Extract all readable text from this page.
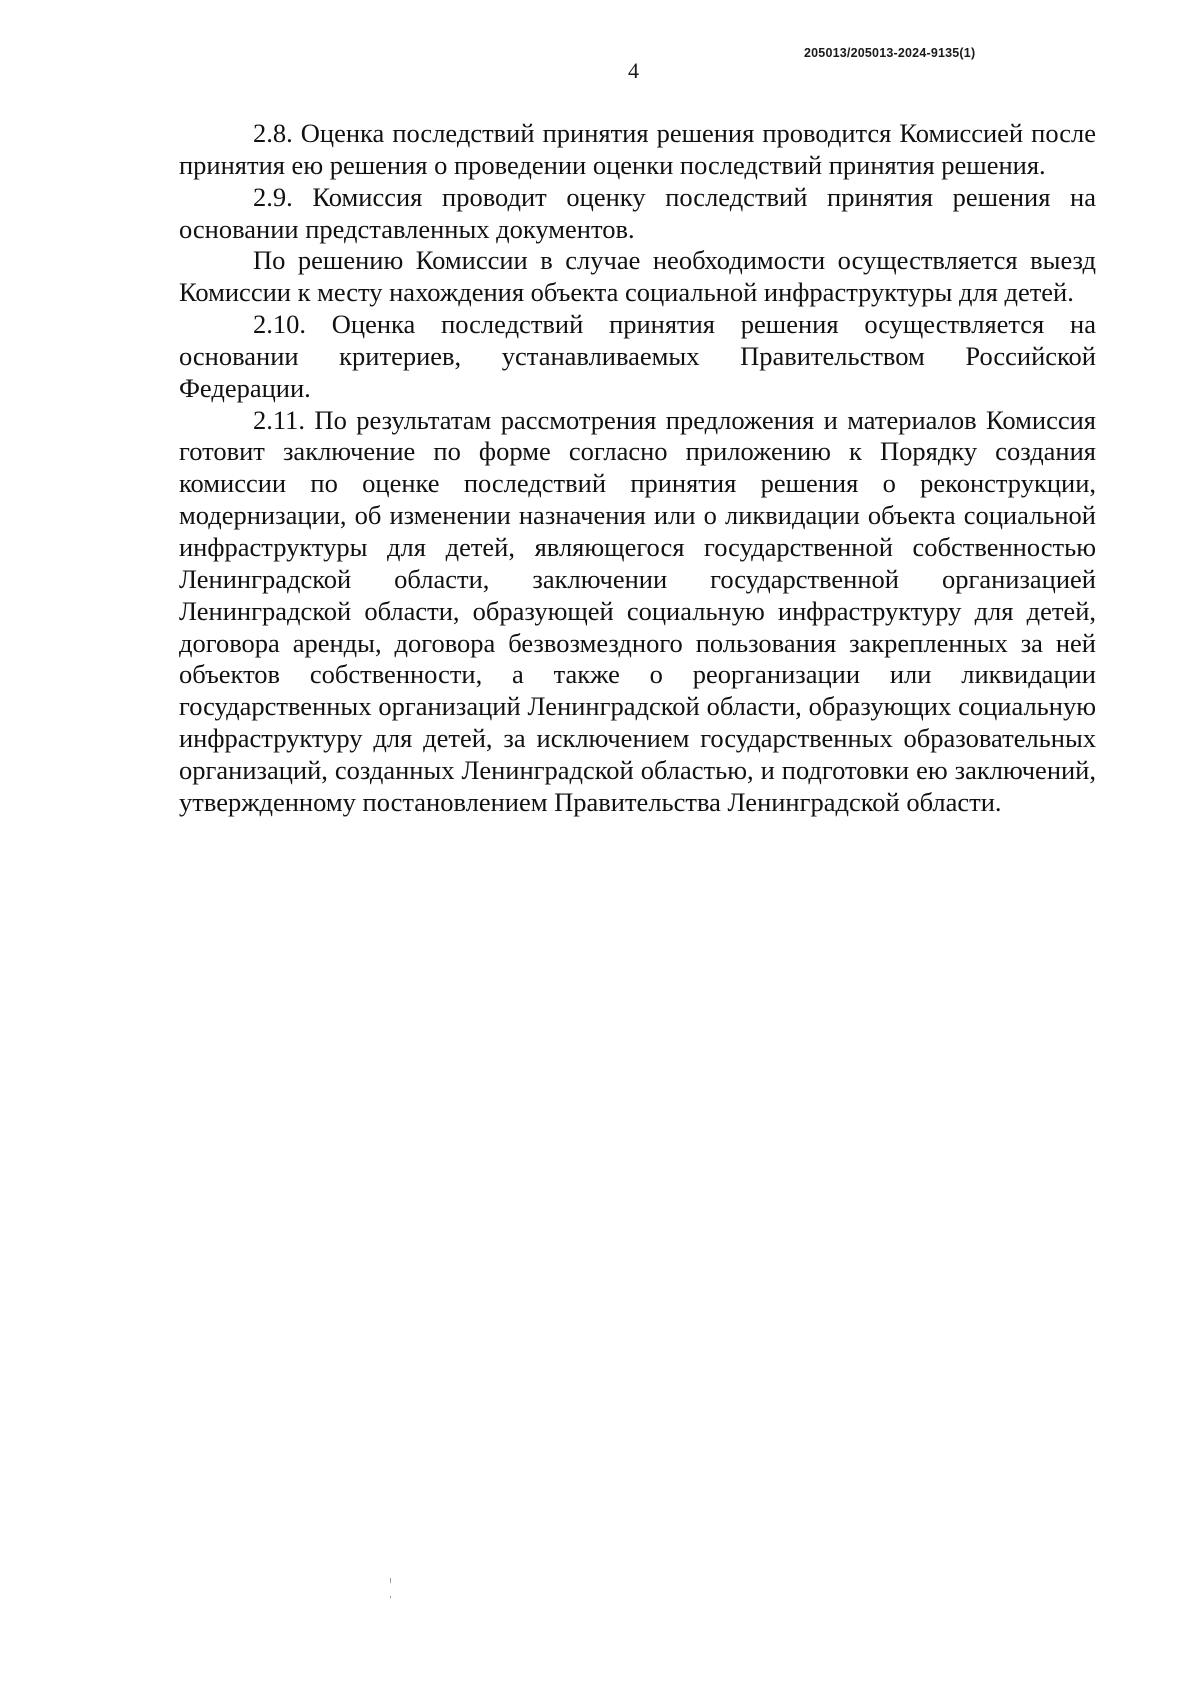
205013/205013-2024-9135(1)
4

2.8. Оценка последствий принятия решения проводится Комиссией после принятия ею решения о проведении оценки последствий принятия решения.

2.9. Комиссия проводит оценку последствий принятия решения на основании представленных документов.

По решению Комиссии в случае необходимости осуществляется выезд Комиссии к месту нахождения объекта социальной инфраструктуры для детей.

2.10. Оценка последствий принятия решения осуществляется на основании критериев, устанавливаемых Правительством Российской Федерации.

2.11. По результатам рассмотрения предложения и материалов Комиссия готовит заключение по форме согласно приложению к Порядку создания комиссии по оценке последствий принятия решения о реконструкции, модернизации, об изменении назначения или о ликвидации объекта социальной инфраструктуры для детей, являющегося государственной собственностью Ленинградской области, заключении государственной организацией Ленинградской области, образующей социальную инфраструктуру для детей, договора аренды, договора безвозмездного пользования закрепленных за ней объектов собственности, а также о реорганизации или ликвидации государственных организаций Ленинградской области, образующих социальную инфраструктуру для детей, за исключением государственных образовательных организаций, созданных Ленинградской областью, и подготовки ею заключений, утвержденному постановлением Правительства Ленинградской области.
